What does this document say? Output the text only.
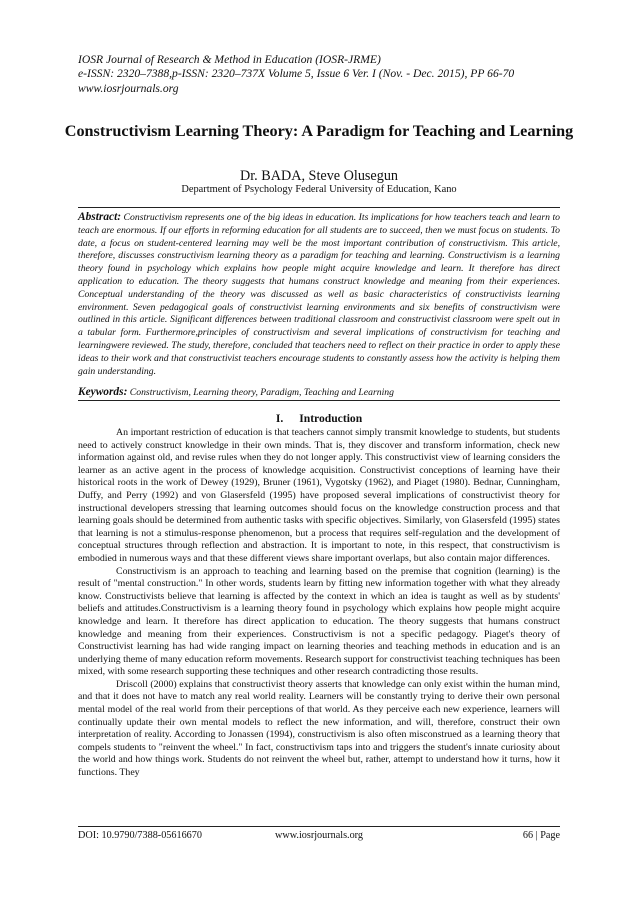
IOSR Journal of Research & Method in Education (IOSR-JRME)
e-ISSN: 2320–7388,p-ISSN: 2320–737X Volume 5, Issue 6 Ver. I (Nov. - Dec. 2015), PP 66-70
www.iosrjournals.org
Constructivism Learning Theory: A Paradigm for Teaching and Learning
Dr. BADA, Steve Olusegun
Department of Psychology Federal University of Education, Kano
Abstract: Constructivism represents one of the big ideas in education. Its implications for how teachers teach and learn to teach are enormous. If our efforts in reforming education for all students are to succeed, then we must focus on students. To date, a focus on student-centered learning may well be the most important contribution of constructivism. This article, therefore, discusses constructivism learning theory as a paradigm for teaching and learning. Constructivism is a learning theory found in psychology which explains how people might acquire knowledge and learn. It therefore has direct application to education. The theory suggests that humans construct knowledge and meaning from their experiences. Conceptual understanding of the theory was discussed as well as basic characteristics of constructivists learning environment. Seven pedagogical goals of constructivist learning environments and six benefits of constructivism were outlined in this article. Significant differences between traditional classroom and constructivist classroom were spelt out in a tabular form. Furthermore,principles of constructivism and several implications of constructivism for teaching and learningwere reviewed. The study, therefore, concluded that teachers need to reflect on their practice in order to apply these ideas to their work and that constructivist teachers encourage students to constantly assess how the activity is helping them gain understanding.
Keywords: Constructivism, Learning theory, Paradigm, Teaching and Learning
I. Introduction

An important restriction of education is that teachers cannot simply transmit knowledge to students, but students need to actively construct knowledge in their own minds. That is, they discover and transform information, check new information against old, and revise rules when they do not longer apply. This constructivist view of learning considers the learner as an active agent in the process of knowledge acquisition. Constructivist conceptions of learning have their historical roots in the work of Dewey (1929), Bruner (1961), Vygotsky (1962), and Piaget (1980). Bednar, Cunningham, Duffy, and Perry (1992) and von Glasersfeld (1995) have proposed several implications of constructivist theory for instructional developers stressing that learning outcomes should focus on the knowledge construction process and that learning goals should be determined from authentic tasks with specific objectives. Similarly, von Glasersfeld (1995) states that learning is not a stimulus-response phenomenon, but a process that requires self-regulation and the development of conceptual structures through reflection and abstraction. It is important to note, in this respect, that constructivism is embodied in numerous ways and that these different views share important overlaps, but also contain major differences.

Constructivism is an approach to teaching and learning based on the premise that cognition (learning) is the result of "mental construction." In other words, students learn by fitting new information together with what they already know. Constructivists believe that learning is affected by the context in which an idea is taught as well as by students' beliefs and attitudes.Constructivism is a learning theory found in psychology which explains how people might acquire knowledge and learn. It therefore has direct application to education. The theory suggests that humans construct knowledge and meaning from their experiences. Constructivism is not a specific pedagogy. Piaget's theory of Constructivist learning has had wide ranging impact on learning theories and teaching methods in education and is an underlying theme of many education reform movements. Research support for constructivist teaching techniques has been mixed, with some research supporting these techniques and other research contradicting those results.

Driscoll (2000) explains that constructivist theory asserts that knowledge can only exist within the human mind, and that it does not have to match any real world reality. Learners will be constantly trying to derive their own personal mental model of the real world from their perceptions of that world. As they perceive each new experience, learners will continually update their own mental models to reflect the new information, and will, therefore, construct their own interpretation of reality. According to Jonassen (1994), constructivism is also often misconstrued as a learning theory that compels students to "reinvent the wheel." In fact, constructivism taps into and triggers the student's innate curiosity about the world and how things work. Students do not reinvent the wheel but, rather, attempt to understand how it turns, how it functions. They

DOI: 10.9790/7388-05616670	www.iosrjournals.org	66 | Page
